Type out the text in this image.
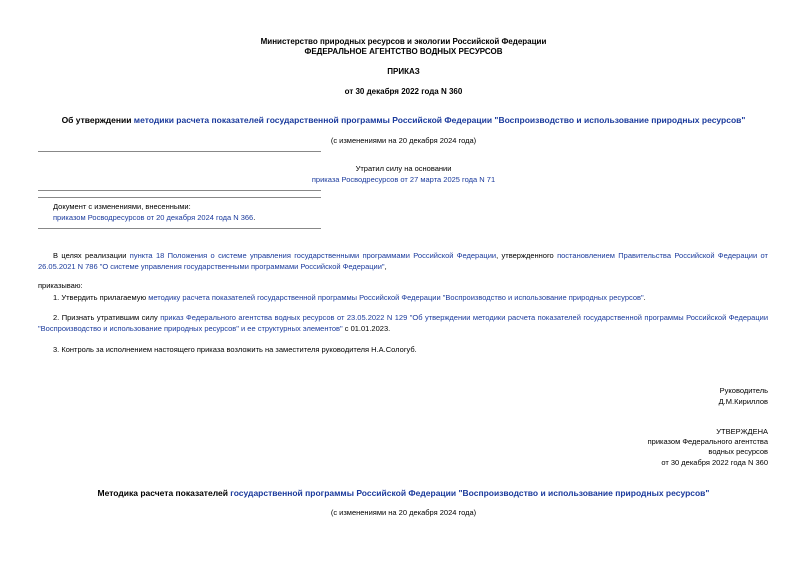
Министерство природных ресурсов и экологии Российской Федерации
ФЕДЕРАЛЬНОЕ АГЕНТСТВО ВОДНЫХ РЕСУРСОВ
ПРИКАЗ
от 30 декабря 2022 года N 360
Об утверждении методики расчета показателей государственной программы Российской Федерации "Воспроизводство и использование природных ресурсов"
(с изменениями на 20 декабря 2024 года)
Утратил силу на основании
приказа Росводресурсов от 27 марта 2025 года N 71
Документ с изменениями, внесенными:
приказом Росводресурсов от 20 декабря 2024 года N 366.
В целях реализации пункта 18 Положения о системе управления государственными программами Российской Федерации, утвержденного постановлением Правительства Российской Федерации от 26.05.2021 N 786 "О системе управления государственными программами Российской Федерации",
приказываю:
1. Утвердить прилагаемую методику расчета показателей государственной программы Российской Федерации "Воспроизводство и использование природных ресурсов".
2. Признать утратившим силу приказ Федерального агентства водных ресурсов от 23.05.2022 N 129 "Об утверждении методики расчета показателей государственной программы Российской Федерации "Воспроизводство и использование природных ресурсов" и ее структурных элементов" с 01.01.2023.
3. Контроль за исполнением настоящего приказа возложить на заместителя руководителя Н.А.Сологуб.
Руководитель
Д.М.Кириллов
УТВЕРЖДЕНА
приказом Федерального агентства
водных ресурсов
от 30 декабря 2022 года N 360
Методика расчета показателей государственной программы Российской Федерации "Воспроизводство и использование природных ресурсов"
(с изменениями на 20 декабря 2024 года)
